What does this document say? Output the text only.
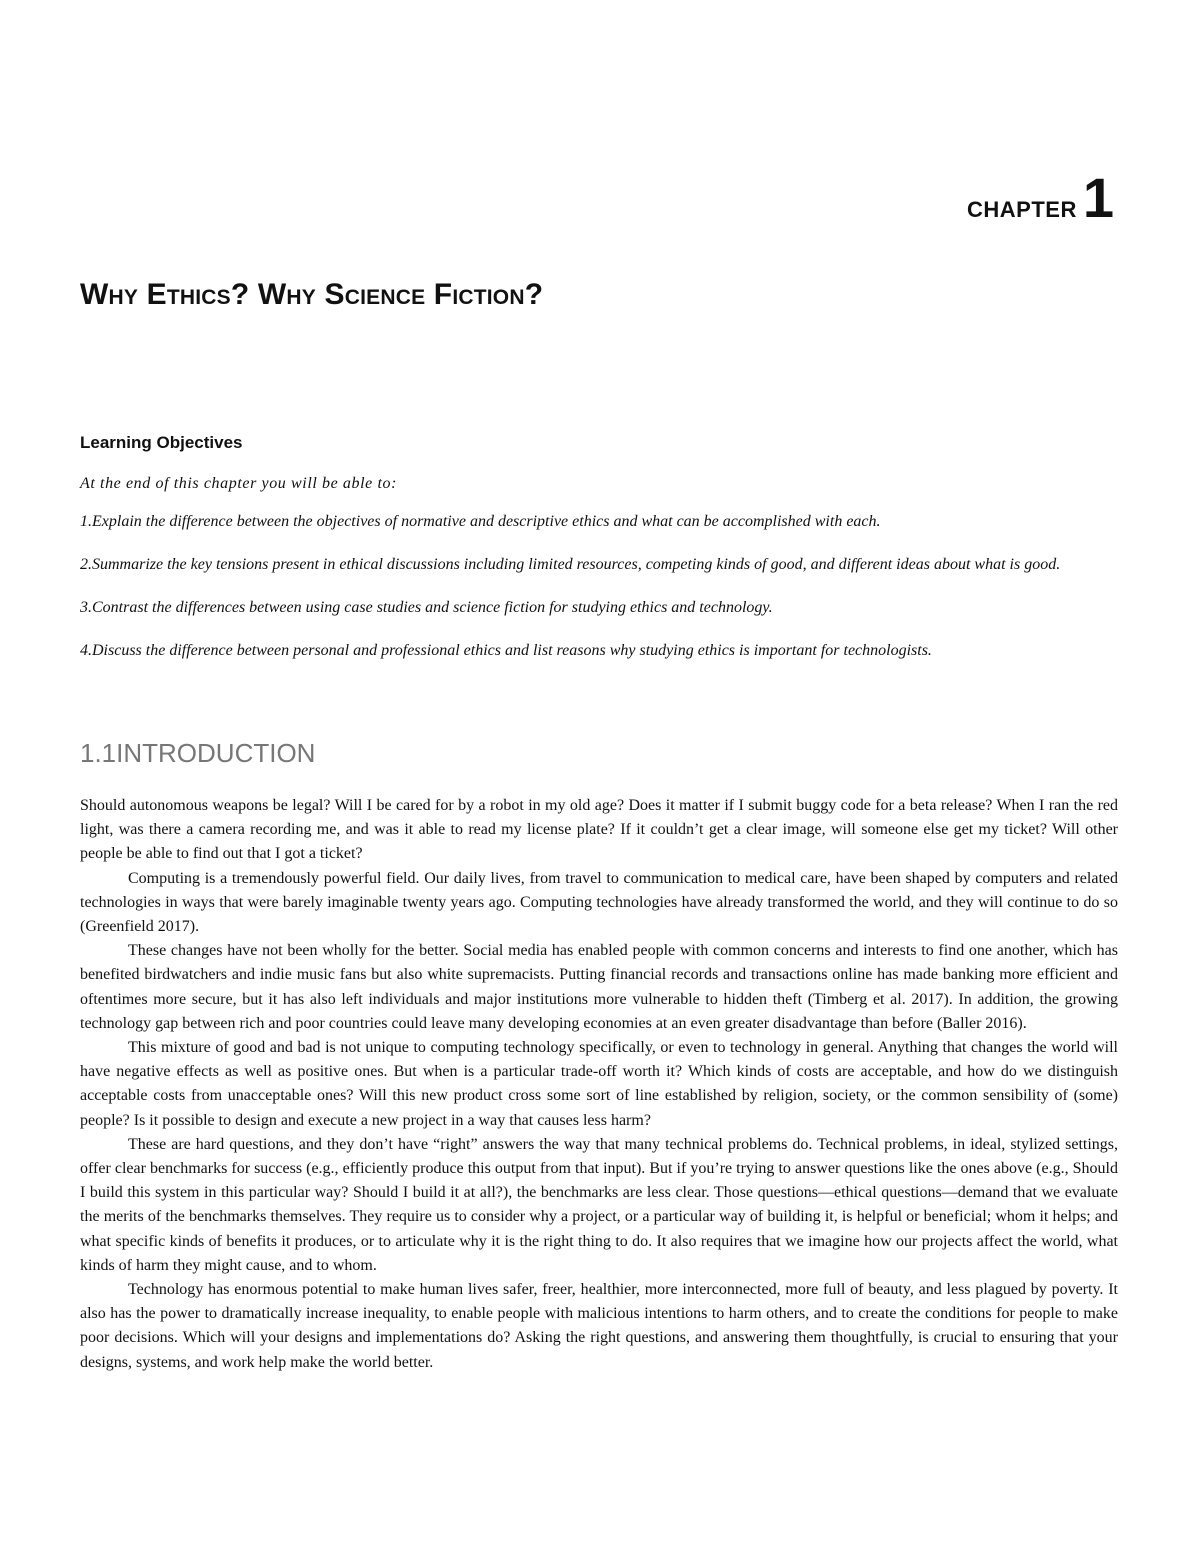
CHAPTER 1
Why Ethics? Why Science Fiction?
Learning Objectives

At the end of this chapter you will be able to:

1.Explain the difference between the objectives of normative and descriptive ethics and what can be accomplished with each.
2.Summarize the key tensions present in ethical discussions including limited resources, competing kinds of good, and different ideas about what is good.
3.Contrast the differences between using case studies and science fiction for studying ethics and technology.
4.Discuss the difference between personal and professional ethics and list reasons why studying ethics is important for technologists.
1.1INTRODUCTION

Should autonomous weapons be legal? Will I be cared for by a robot in my old age? Does it matter if I submit buggy code for a beta release? When I ran the red light, was there a camera recording me, and was it able to read my license plate? If it couldn’t get a clear image, will someone else get my ticket? Will other people be able to find out that I got a ticket?

Computing is a tremendously powerful field. Our daily lives, from travel to communication to medical care, have been shaped by computers and related technologies in ways that were barely imaginable twenty years ago. Computing technologies have already transformed the world, and they will continue to do so (Greenfield 2017).

These changes have not been wholly for the better. Social media has enabled people with common concerns and interests to find one another, which has benefited birdwatchers and indie music fans but also white supremacists. Putting financial records and transactions online has made banking more efficient and oftentimes more secure, but it has also left individuals and major institutions more vulnerable to hidden theft (Timberg et al. 2017). In addition, the growing technology gap between rich and poor countries could leave many developing economies at an even greater disadvantage than before (Baller 2016).

This mixture of good and bad is not unique to computing technology specifically, or even to technology in general. Anything that changes the world will have negative effects as well as positive ones. But when is a particular trade-off worth it? Which kinds of costs are acceptable, and how do we distinguish acceptable costs from unacceptable ones? Will this new product cross some sort of line established by religion, society, or the common sensibility of (some) people? Is it possible to design and execute a new project in a way that causes less harm?

These are hard questions, and they don’t have “right” answers the way that many technical problems do. Technical problems, in ideal, stylized settings, offer clear benchmarks for success (e.g., efficiently produce this output from that input). But if you’re trying to answer questions like the ones above (e.g., Should I build this system in this particular way? Should I build it at all?), the benchmarks are less clear. Those questions—ethical questions—demand that we evaluate the merits of the benchmarks themselves. They require us to consider why a project, or a particular way of building it, is helpful or beneficial; whom it helps; and what specific kinds of benefits it produces, or to articulate why it is the right thing to do. It also requires that we imagine how our projects affect the world, what kinds of harm they might cause, and to whom.

Technology has enormous potential to make human lives safer, freer, healthier, more interconnected, more full of beauty, and less plagued by poverty. It also has the power to dramatically increase inequality, to enable people with malicious intentions to harm others, and to create the conditions for people to make poor decisions. Which will your designs and implementations do? Asking the right questions, and answering them thoughtfully, is crucial to ensuring that your designs, systems, and work help make the world better.
